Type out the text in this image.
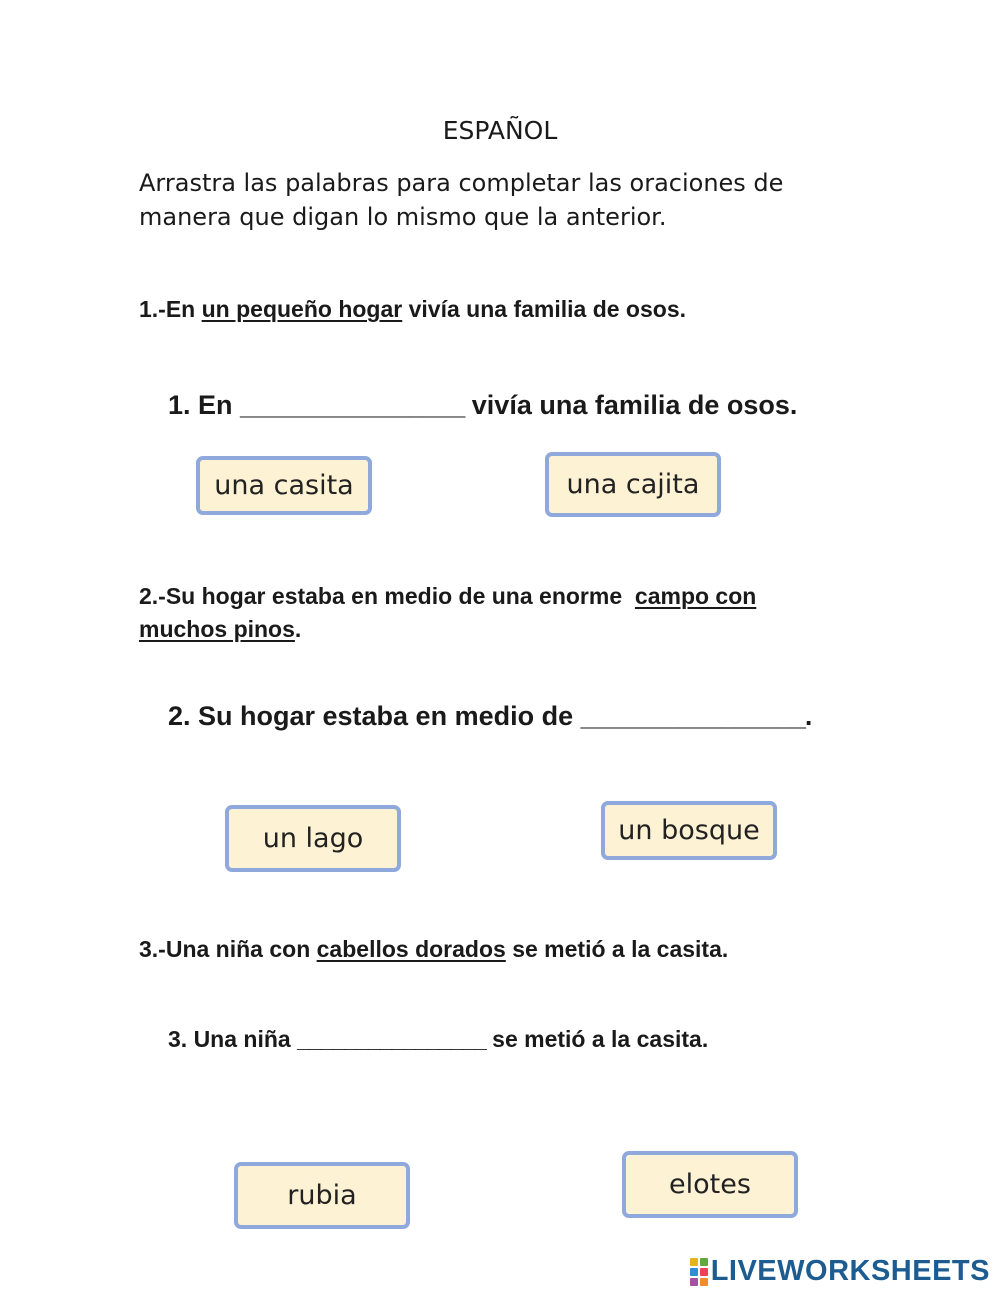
ESPAÑOL
Arrastra las palabras para completar las oraciones de manera que digan lo mismo que la anterior.
1.-En un pequeño hogar vivía una familia de osos.
1. En ________________ vivía una familia de osos.
una casita	una cajita
2.-Su hogar estaba en medio de una enorme  campo con
muchos pinos.
2. Su hogar estaba en medio de ________________.
un lago	un bosque
3.-Una niña con cabellos dorados se metió a la casita.
3. Una niña ________________ se metió a la casita.
rubia	elotes
LIVEWORKSHEETS
